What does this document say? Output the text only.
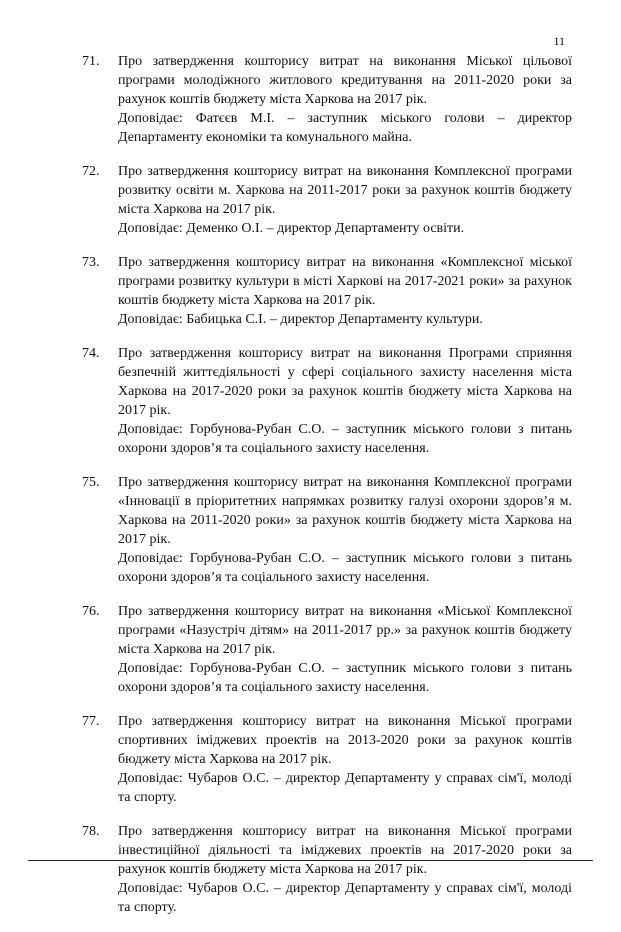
11
71.	Про затвердження кошторису витрат на виконання Міської цільової програми молодіжного житлового кредитування на 2011-2020 роки за рахунок коштів бюджету міста Харкова на 2017 рік.
Доповідає: Фатєєв М.І. – заступник міського голови – директор Департаменту економіки та комунального майна.
72.	Про затвердження кошторису витрат на виконання Комплексної програми розвитку освіти м. Харкова на 2011-2017 роки за рахунок коштів бюджету міста Харкова на 2017 рік.
Доповідає: Деменко О.І. – директор Департаменту освіти.
73.	Про затвердження кошторису витрат на виконання «Комплексної міської програми розвитку культури в місті Харкові на 2017-2021 роки» за рахунок коштів бюджету міста Харкова на 2017 рік.
Доповідає: Бабицька С.І. – директор Департаменту культури.
74.	Про затвердження кошторису витрат на виконання Програми сприяння безпечній життєдіяльності у сфері соціального захисту населення міста Харкова на 2017-2020 роки за рахунок коштів бюджету міста Харкова на 2017 рік.
Доповідає: Горбунова-Рубан С.О. – заступник міського голови з питань охорони здоров’я та соціального захисту населення.
75.	Про затвердження кошторису витрат на виконання Комплексної програми «Інновації в пріоритетних напрямках розвитку галузі охорони здоров’я м. Харкова на 2011-2020 роки» за рахунок коштів бюджету міста Харкова на 2017 рік.
Доповідає: Горбунова-Рубан С.О. – заступник міського голови з питань охорони здоров’я та соціального захисту населення.
76.	Про затвердження кошторису витрат на виконання «Міської Комплексної програми «Назустріч дітям» на 2011-2017 рр.» за рахунок коштів бюджету міста Харкова на 2017 рік.
Доповідає: Горбунова-Рубан С.О. – заступник міського голови з питань охорони здоров’я та соціального захисту населення.
77.	Про затвердження кошторису витрат на виконання Міської програми спортивних іміджевих проектів на 2013-2020 роки за рахунок коштів бюджету міста Харкова на 2017 рік.
Доповідає: Чубаров О.С. – директор Департаменту у справах сім'ї, молоді та спорту.
78.	Про затвердження кошторису витрат на виконання Міської програми інвестиційної діяльності та іміджевих проектів на 2017-2020 роки за рахунок коштів бюджету міста Харкова на 2017 рік.
Доповідає: Чубаров О.С. – директор Департаменту у справах сім'ї, молоді та спорту.
